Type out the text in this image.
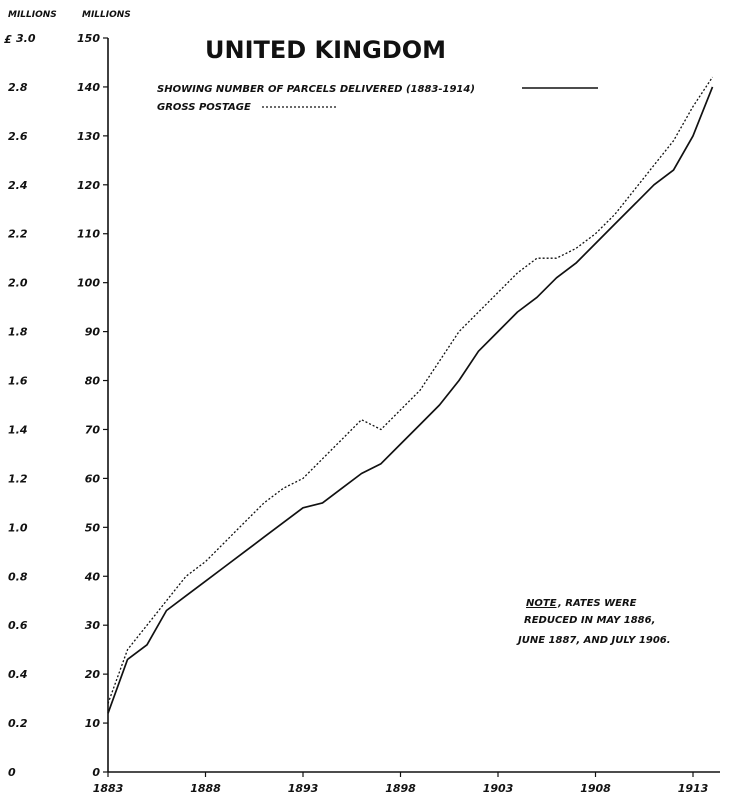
0
0
10
0.2
20
0.4
30
0.6
40
0.8
50
1.0
60
1.2
70
1.4
80
1.6
90
1.8
100
2.0
110
2.2
120
2.4
130
2.6
140
2.8
150
3.0
1883	1888	1893	1898	1903	1908	1913
UNITED KINGDOM
MILLIONS	MILLIONS
£
SHOWING NUMBER OF PARCELS DELIVERED (1883-1914)
GROSS POSTAGE
NOTE , RATES WERE
REDUCED IN MAY 1886,
JUNE 1887, AND JULY 1906.
